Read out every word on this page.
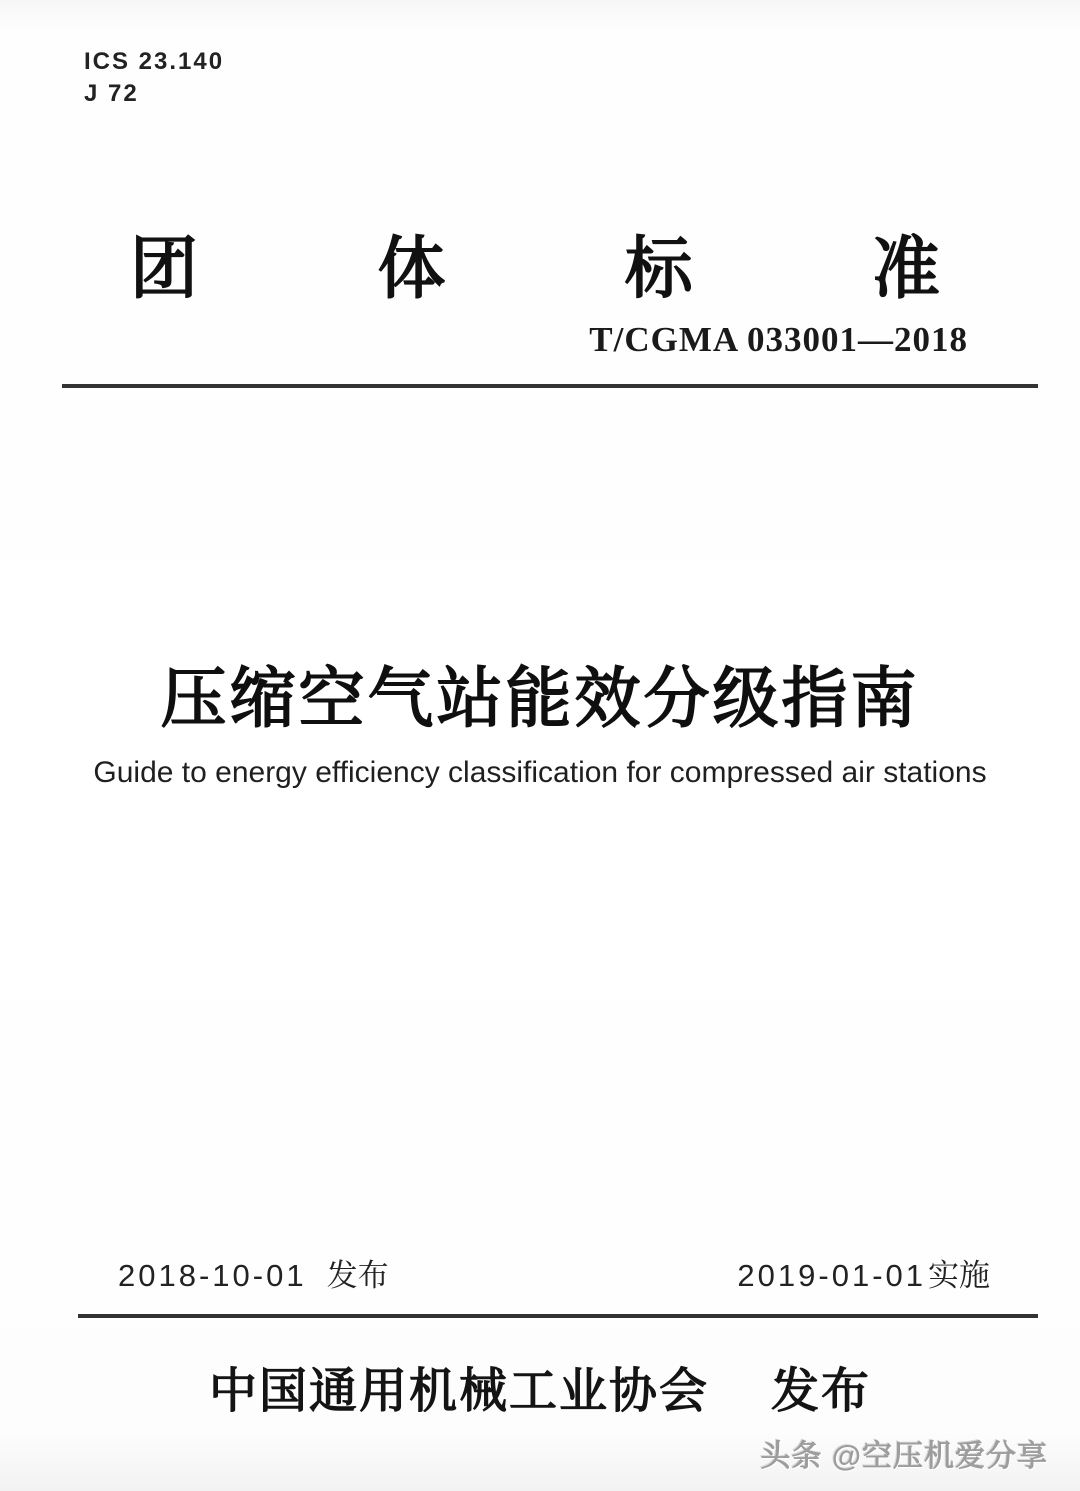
ICS 23.140
J 72
团	体	标	准
T/CGMA 033001—2018
压缩空气站能效分级指南
Guide to energy efficiency classification for compressed air stations
2018-10-01 发布	2019-01-01实施
中国通用机械工业协会 发布
头条 @空压机爱分享
